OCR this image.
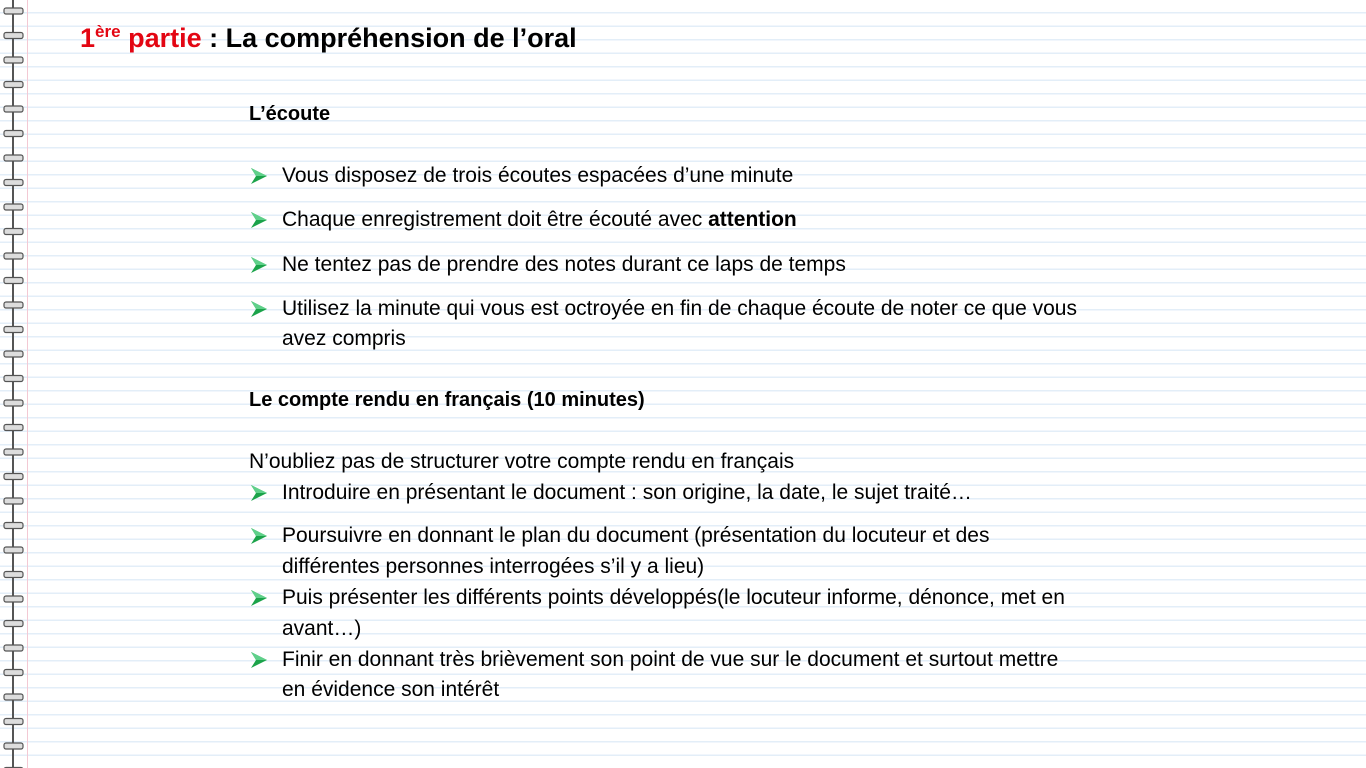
1ère partie : La compréhension de l’oral
L’écoute
Vous disposez de trois écoutes espacées d’une minute
Chaque enregistrement doit être écouté avec attention
Ne tentez pas de prendre des notes durant ce laps de temps
Utilisez la minute qui vous est octroyée en fin de chaque écoute de noter ce que vous
avez compris
Le compte rendu en français (10 minutes)
N’oubliez pas de structurer votre compte rendu en français
Introduire en présentant le document : son origine, la date, le sujet traité…
Poursuivre en donnant le plan du document (présentation du locuteur et des
différentes personnes interrogées s’il y a lieu)
Puis présenter les différents points développés(le locuteur informe, dénonce, met en
avant…)
Finir en donnant très brièvement son point de vue sur le document et surtout mettre
en évidence son intérêt
